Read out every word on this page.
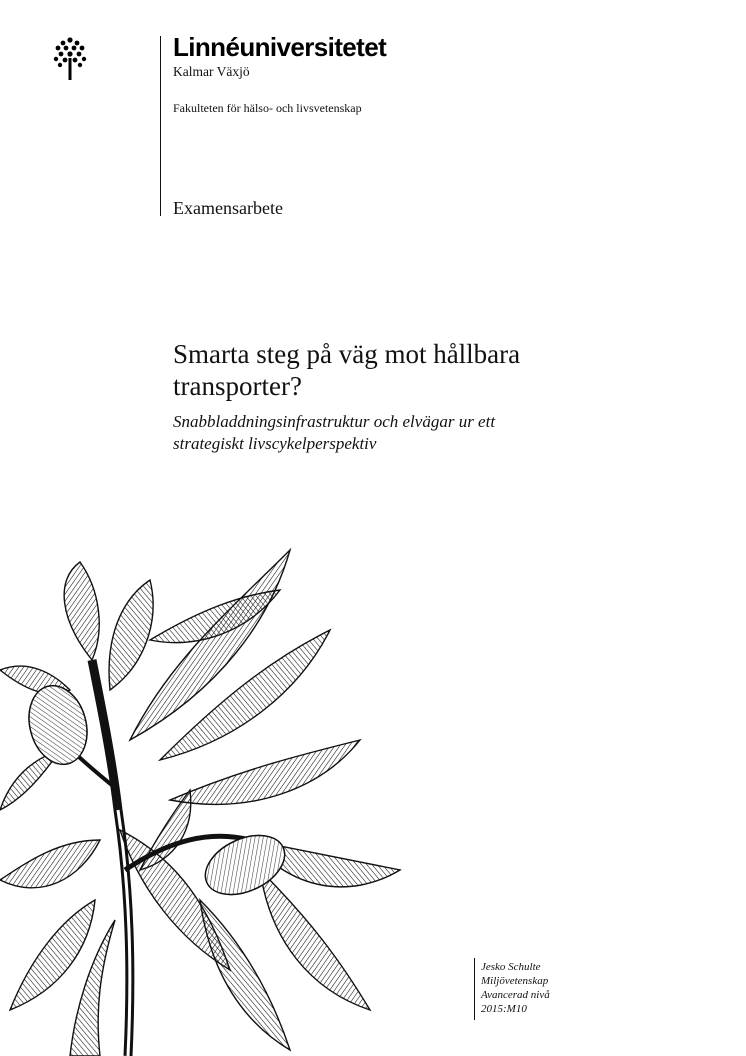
Linnéuniversitetet
Kalmar Växjö
Fakulteten för hälso- och livsvetenskap
Examensarbete
Smarta steg på väg mot hållbara
transporter?
Snabbladdningsinfrastruktur och elvägar ur ett
strategiskt livscykelperspektiv
Jesko Schulte
Miljövetenskap
Avancerad nivå
2015:M10
